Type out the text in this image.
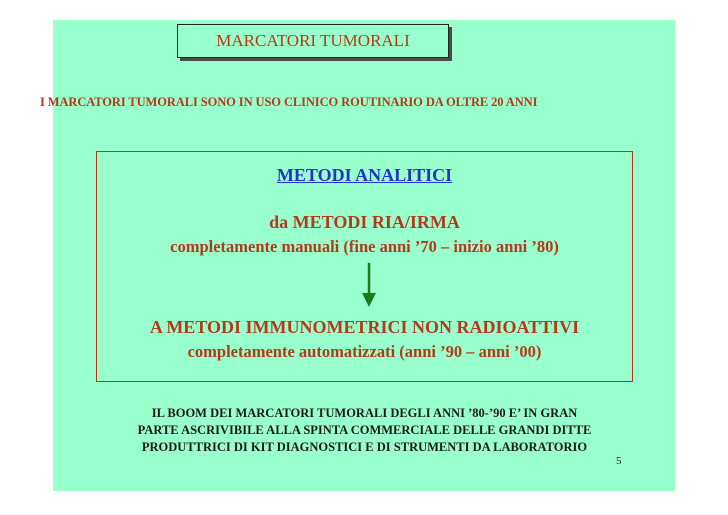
MARCATORI TUMORALI
I MARCATORI TUMORALI SONO IN USO CLINICO ROUTINARIO DA OLTRE 20 ANNI
METODI ANALITICI
da METODI RIA/IRMA
completamente manuali (fine anni ’70 – inizio anni ’80)
A METODI IMMUNOMETRICI NON RADIOATTIVI
completamente automatizzati (anni ’90 – anni ’00)
IL BOOM DEI MARCATORI TUMORALI DEGLI ANNI ’80-’90 E’ IN GRAN
PARTE ASCRIVIBILE ALLA SPINTA COMMERCIALE DELLE GRANDI DITTE
PRODUTTRICI DI KIT DIAGNOSTICI E DI STRUMENTI DA LABORATORIO
5
